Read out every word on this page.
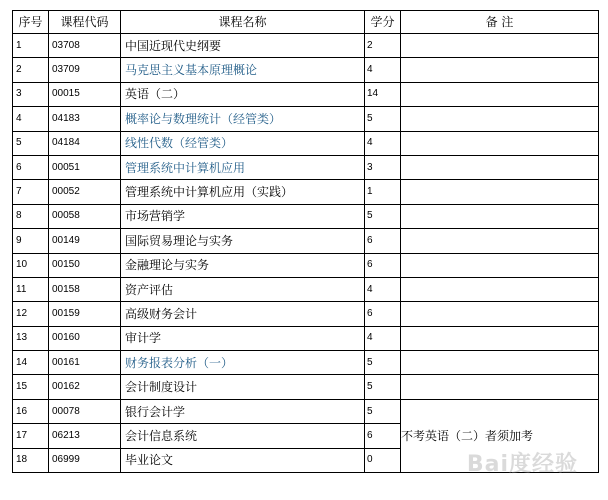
序号	课程代码	课程名称	学分	备 注
1	03708	中国近现代史纲要	2	
2	03709	马克思主义基本原理概论	4	
3	00015	英语（二）	14	
4	04183	概率论与数理统计（经管类）	5	
5	04184	线性代数（经管类）	4	
6	00051	管理系统中计算机应用	3	
7	00052	管理系统中计算机应用（实践）	1	
8	00058	市场营销学	5	
9	00149	国际贸易理论与实务	6	
10	00150	金融理论与实务	6	
11	00158	资产评估	4	
12	00159	高级财务会计	6	
13	00160	审计学	4	
14	00161	财务报表分析（一）	5	
15	00162	会计制度设计	5	
16	00078	银行会计学	5	不考英语（二）者须加考
17	06213	会计信息系统	6	
18	06999	毕业论文	0		Bai度经验
